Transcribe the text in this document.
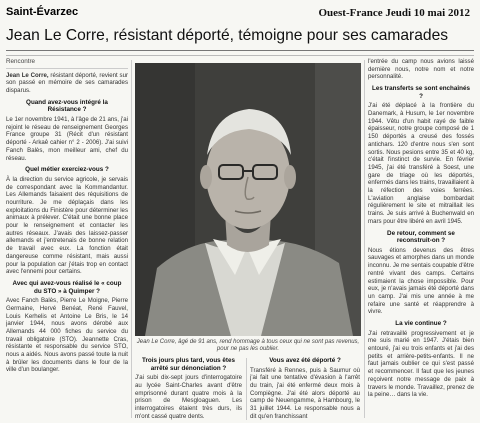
Saint-Évarzec	Ouest-France Jeudi 10 mai 2012
Jean Le Corre, résistant déporté, témoigne pour ses camarades

Rencontre

Jean Le Corre, résistant déporté, revient sur son passé en mémoire de ses camarades disparus.

Quand avez-vous intégré la Résistance ?

Le 1er novembre 1941, à l'âge de 21 ans, j'ai rejoint le réseau de renseignement Georges France groupe 31 (Récit d'un résistant déporté - Arkaê cahier n° 2 - 2006). J'ai suivi Fanch Balès, mon meilleur ami, chef du réseau.

Quel métier exerciez-vous ?

À la direction du service agricole, je servais de correspondant avec la Kommandantur. Les Allemands faisaient des réquisitions de nourriture. Je me déplaçais dans les exploitations du Finistère pour déterminer les animaux à prélever. C'était une bonne place pour le renseignement et contacter les autres réseaux. J'avais des laissez-passer allemands et j'entretenais de bonne relation de travail avec eux. La fonction était dangereuse comme résistant, mais aussi pour la population car j'étais trop en contact avec l'ennemi pour certains.

Avec qui avez-vous réalisé le « coup du STO » à Quimper ?

Avec Fanch Balès, Pierre Le Moigne, Pierre Germaine, Hervé Benéat, René Fauvel, Louis Kerhelis et Antoine Le Bris, le 14 janvier 1944, nous avons dérobé aux Allemands 44 000 fiches du service du travail obligatoire (STO). Jeannette Cras, résistante et responsable du service STO, nous a aidés. Nous avons passé toute la nuit à brûler les documents dans le four de la ville d'un boulanger.

Jean Le Corre, âgé de 91 ans, rend hommage à tous ceux qui ne sont pas revenus, pour ne pas les oublier.

Trois jours plus tard, vous êtes arrêté sur dénonciation ?

J'ai subi dix-sept jours d'interrogatoire au lycée Saint-Charles avant d'être emprisonné durant quatre mois à la prison de Mesgloaguen. Les interrogatoires étaient très durs, ils m'ont cassé quatre dents.

Vous avez été déporté ?

Transféré à Rennes, puis à Saumur où j'ai fait une tentative d'évasion à l'arrêt du train, j'ai été enfermé deux mois à Compiègne. J'ai été alors déporté au camp de Neuengamme, à Hambourg, le 31 juillet 1944. Le responsable nous a dit qu'en franchissant

l'entrée du camp nous avions laissé dernière nous, notre nom et notre personnalité.

Les transferts se sont enchaînés ?

J'ai été déplacé à la frontière du Danemark, à Husum, le 1er novembre 1944. Vêtu d'un habit rayé de faible épaisseur, notre groupe composé de 1 150 déportés a creusé des fossés antichars. 120 d'entre nous s'en sont sortis. Nous pesions entre 35 et 40 kg, c'était l'instinct de survie. En février 1945, j'ai été transféré à Soest, une gare de triage où les déportés, enfermés dans les trains, travaillaient à la réfection des voies ferrées. L'aviation anglaise bombardait régulièrement le site et mitraillait les trains. Je suis arrivé à Buchenwald en mars pour être libéré en avril 1945.

De retour, comment se reconstruit-on ?

Nous étions devenus des êtres sauvages et amorphes dans un monde inconnu. Je me sentais coupable d'être rentré vivant des camps. Certains estimaient la chose impossible. Pour eux, je n'avais jamais été déporté dans un camp. J'ai mis une année à me refaire une santé et réapprendre à vivre.

La vie continue ?

J'ai retravaillé progressivement et je me suis marié en 1947. J'étais bien entouré, j'ai eu trois enfants et j'ai des petits et arrière-petits-enfants. Il ne faut jamais oublier ce qui s'est passé et recommencer. Il faut que les jeunes reçoivent notre message de paix à travers le monde. Travaillez, prenez de la peine… dans la vie.
